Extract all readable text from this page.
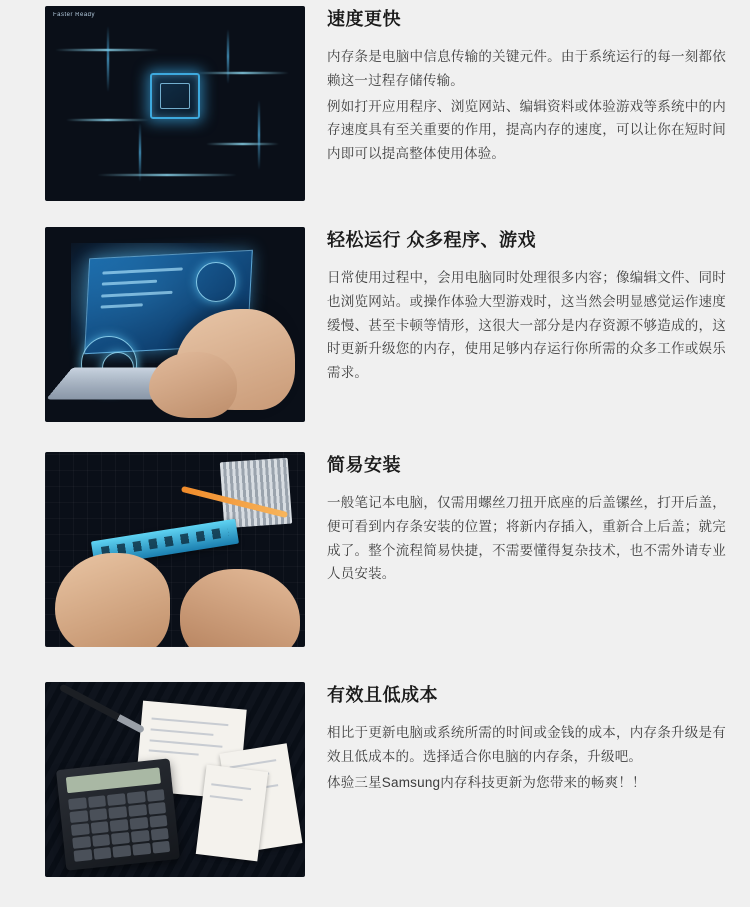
Faster Ready	速度更快

内存条是电脑中信息传输的关键元件。由于系统运行的每一刻都依赖这一过程存储传输。

例如打开应用程序、浏览网站、编辑资料或体验游戏等系统中的内存速度具有至关重要的作用，提高内存的速度，可以让你在短时间内即可以提高整体使用体验。

轻松运行 众多程序、游戏

日常使用过程中，会用电脑同时处理很多内容；像编辑文件、同时也浏览网站。或操作体验大型游戏时，这当然会明显感觉运作速度缓慢、甚至卡顿等情形，这很大一部分是内存资源不够造成的，这时更新升级您的内存，使用足够内存运行你所需的众多工作或娱乐需求。

简易安装

一般笔记本电脑，仅需用螺丝刀扭开底座的后盖镙丝，打开后盖，便可看到内存条安装的位置；将新内存插入，重新合上后盖；就完成了。整个流程简易快捷，不需要懂得复杂技术，也不需外请专业人员安装。

有效且低成本

相比于更新电脑或系统所需的时间或金钱的成本，内存条升级是有效且低成本的。选择适合你电脑的内存条，升级吧。

体验三星Samsung内存科技更新为您带来的畅爽！！
